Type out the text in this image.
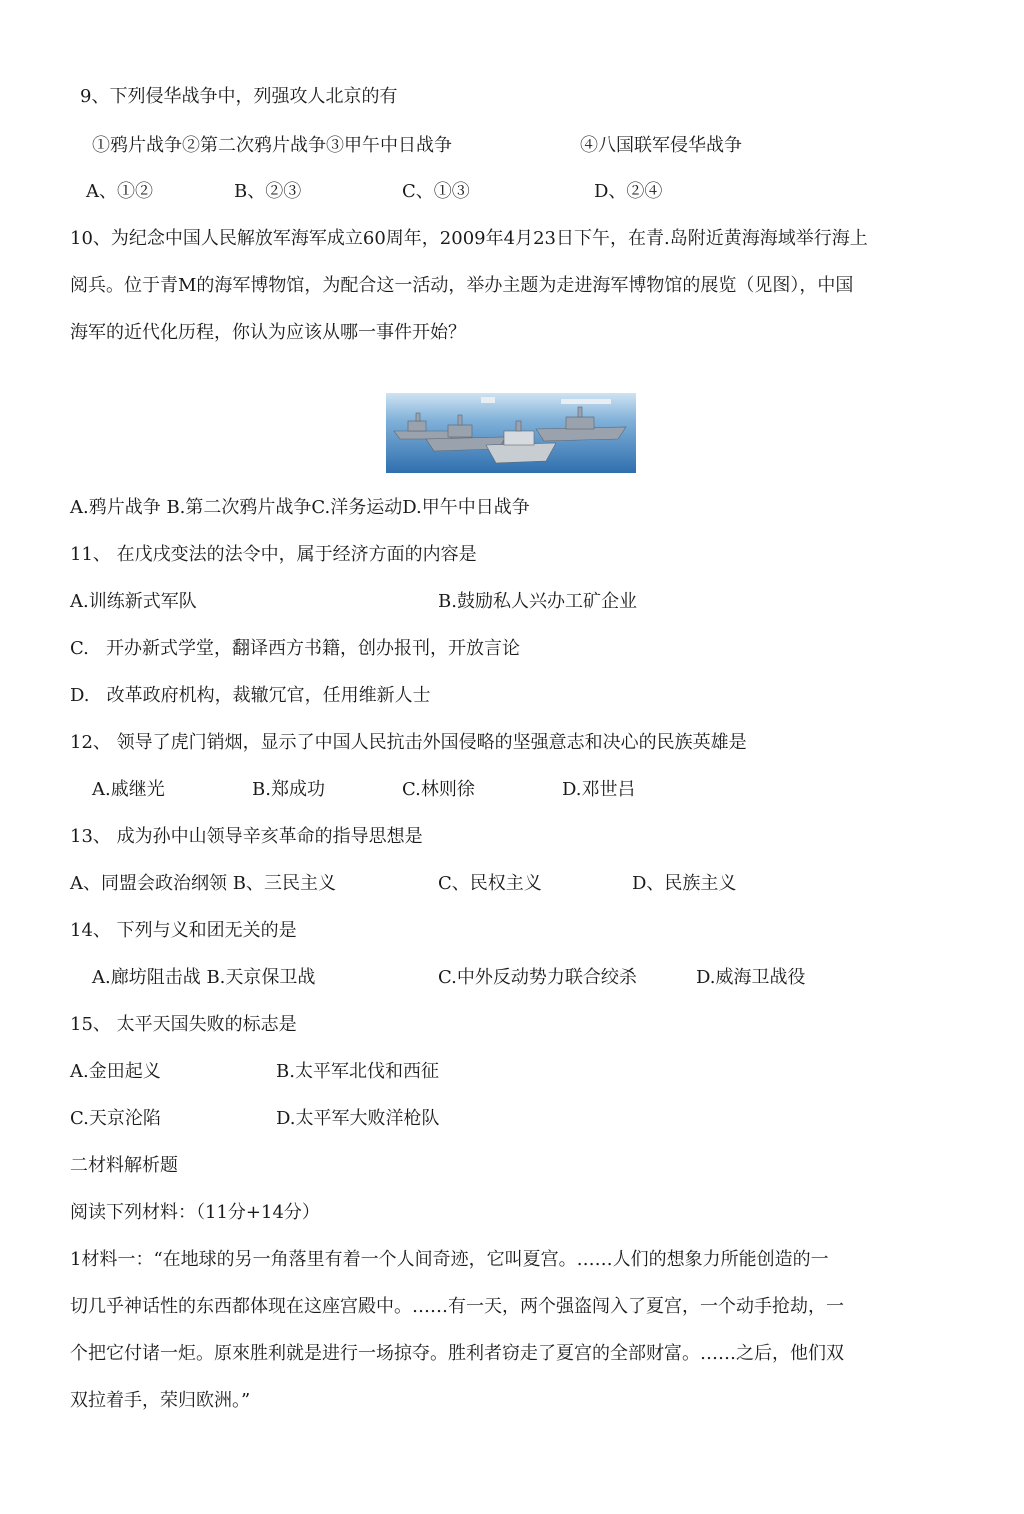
9、下列侵华战争中，列强攻人北京的有
①鸦片战争②第二次鸦片战争③甲午中日战争	④八国联军侵华战争
A、①②	B、②③	C、①③	D、②④
10、为纪念中国人民解放军海军成立60周年，2009年4月23日下午，在青.岛附近黄海海域举行海上
阅兵。位于青M的海军博物馆，为配合这一活动，举办主题为走进海军博物馆的展览（见图），中国
海军的近代化历程，你认为应该从哪一事件开始？
A.鸦片战争 B.第二次鸦片战争C.洋务运动D.甲午中日战争
11、 在戊戌变法的法令中，属于经济方面的内容是
A.训练新式军队	B.鼓励私人兴办工矿企业
C.   开办新式学堂，翻译西方书籍，创办报刊，开放言论
D.   改革政府机构，裁辙冗官，任用维新人士
12、 领导了虎门销烟，显示了中国人民抗击外国侵略的坚强意志和决心的民族英雄是
A.戚继光	B.郑成功	C.林则徐	D.邓世吕
13、 成为孙中山领导辛亥革命的指导思想是
A、同盟会政治纲领 B、三民主义	C、民权主义	D、民族主义
14、 下列与义和团无关的是
A.廊坊阻击战 B.天京保卫战	C.中外反动势力联合绞杀	D.威海卫战役
15、 太平天国失败的标志是
A.金田起义	B.太平军北伐和西征
C.天京沦陷	D.太平军大败洋枪队
二材料解析题
阅读下列材料：（11分+14分）
1材料一：“在地球的另一角落里有着一个人间奇迹，它叫夏宫。……人们的想象力所能创造的一
切几乎神话性的东西都体现在这座宫殿中。……有一天，两个强盗闯入了夏宫，一个动手抢劫，一
个把它付诸一炬。原來胜利就是进行一场掠夺。胜利者窃走了夏宫的全部财富。……之后，他们双
双拉着手，荣归欧洲。”
